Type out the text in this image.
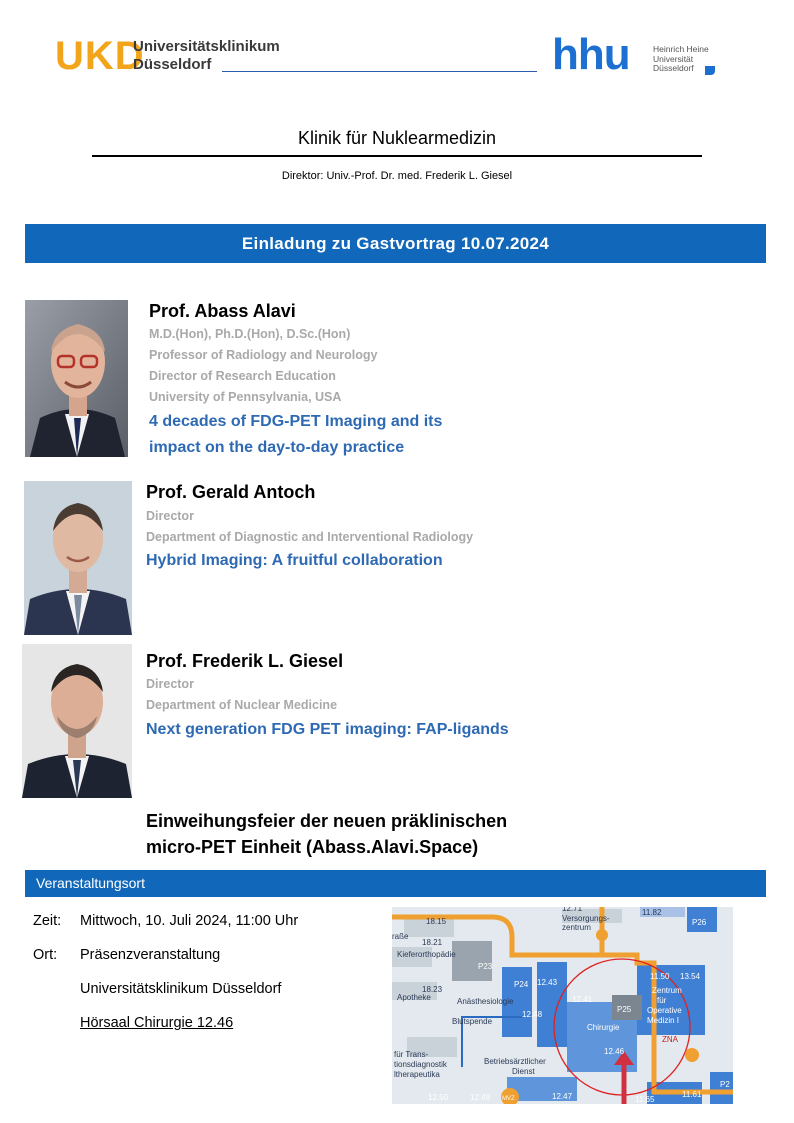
UKD
Universitätsklinikum
Düsseldorf	hhu	Heinrich Heine
Universität
Düsseldorf
Klinik für Nuklearmedizin
Direktor: Univ.-Prof. Dr. med. Frederik L. Giesel
Einladung zu Gastvortrag 10.07.2024
Prof. Abass Alavi
M.D.(Hon), Ph.D.(Hon), D.Sc.(Hon)
Professor of Radiology and Neurology
Director of Research Education
University of Pennsylvania, USA
4 decades of FDG-PET Imaging and its
impact on the day-to-day practice
Prof. Gerald Antoch
Director
Department of Diagnostic and Interventional Radiology
Hybrid Imaging: A fruitful collaboration
Prof. Frederik L. Giesel
Director
Department of Nuclear Medicine
Next generation FDG PET imaging: FAP-ligands
Einweihungsfeier der neuen präklinischen
micro-PET Einheit (Abass.Alavi.Space)
Veranstaltungsort
Zeit: Mittwoch, 10. Juli 2024, 11:00 Uhr
Ort: Präsenzveranstaltung
Universitätsklinikum Düsseldorf
Hörsaal Chirurgie 12.46
18.15
12.71
Versorgungs-
zentrum
11.82
P26
raße
18.21
Kieferorthopädie
P23
18.23
Apotheke
P24 12.43
12.41
P25
11.50 13.54
Zentrum
für
Operative
Medizin I
Anästhesiologie
12.48
Blutspende
Chirurgie
12.46
ZNA
für Trans-
tionsdiagnostik
ltherapeutika
Betriebsärztlicher
Dienst
12.50	12.49 MVZ	12.47	11.65
11.61
P2
